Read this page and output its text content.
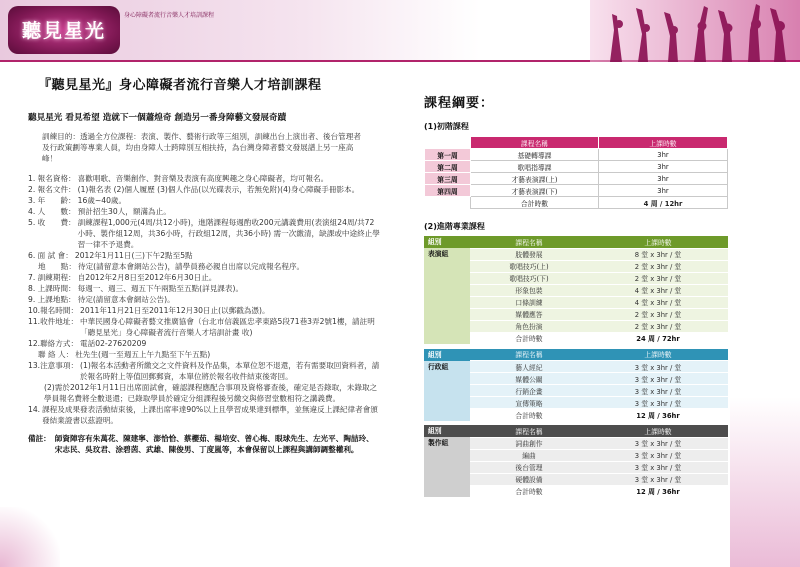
聽見星光
身心障礙者流行音樂人才培訓課程
『聽見星光』身心障礙者流行音樂人才培訓課程
聽見星光 看見希望 造就下一個蕭煌奇 創造另一番身障藝文發展奇蹟
訓練目的：透過全方位課程：表演、製作、藝術行政等三組別，訓練出台上演出者、後台管理者及行政策劃等專業人員，均由身障人士跨障別互相扶持，為台灣身障者藝文發展譜上另一座高峰！
1. 報名資格： 喜歡唱歌、音樂創作、對音樂及表演有高度興趣之身心障礙者，均可報名。
2. 報名文件： (1)報名表 (2)個人履歷 (3)個人作品(以光碟表示，若無免附)(4)身心障礙手冊影本。
3. 年　　齡： 16歲~40歲。
4. 人　　數： 預計招生30人，額滿為止。
5. 收　　費： 訓練課程1,000元(4周/共12小時)，進階課程每週酌收200元講義費用(表演組24周/共72小時、製作組12周，共36小時，行政組12周，共36小時) 需一次繳清，缺課或中途終止學習一律不予退費。
6. 面 試 會： 2012年1月11日(三)下午2點至5點
　 地　　點： 待定(請留意本會網站公告)，請學員務必親自出席以完成報名程序。
7. 訓練期程： 自2012年2月8日至2012年6月30日止。
8. 上課時間： 每週一、週三、週五下午兩點至五點(詳見課表)。
9. 上課地點： 待定(請留意本會網站公告)。
10.報名時間： 2011年11月21日至2011年12月30日止(以郵戳為憑)。
11.收件地址： 中華民國身心障礙者藝文推廣協會（台北市信義區忠孝東路5段71巷3弄2號1樓，請註明「聽見星光」身心障礙者流行音樂人才培訓計畫 收)
12.聯絡方式： 電話02-27620209
　 聯 絡 人： 杜先生(週一至週五上午九點至下午五點)
13.注意事項： (1)報名本活動者所繳交之文件資料及作品集，本單位恕不退還，若有需要取回資料者，請於報名時附上等值回郵郵資，本單位將於報名收件結束後寄回。
(2)需於2012年1月11日出席面試會，確認課程應配合事項及資格審查後，確定是否錄取，未錄取之學員報名費將全數退還；已錄取學員於確定分組課程後另繳交與修習堂數相符之講義費。
14. 課程及成果發表活動結束後，上課出席率達90%以上且學習成果達到標準，並無違反上課紀律者會頒發結業證書以茲證明。
備註： 師資陣容有朱萬花、陳建寧、澎恰恰、蔡櫻茹、楊培安、曾心梅、眼球先生、左光平、陶喆玲、宋志民、吳玟君、涂碧茵、武雄、陳俊男、丁度嵐等，本會保留以上課程與講師調整權利。
課程綱要：
(1)初階課程
	課程名稱	上課時數
第一周	基礎轉導課	3hr
第二周	歌唱指導課	3hr
第三周	才藝表演課(上)	3hr
第四周	才藝表演課(下)	3hr
	合計時數	4 周 / 12hr
(2)進階專業課程
組別	課程名稱	上課時數
表演組	肢體發展	8 堂 x 3hr / 堂
	歌唱技巧(上)	2 堂 x 3hr / 堂
	歌唱技巧(下)	2 堂 x 3hr / 堂
	形象包裝	4 堂 x 3hr / 堂
	口條訓練	4 堂 x 3hr / 堂
	媒體應答	2 堂 x 3hr / 堂
	角色扮演	2 堂 x 3hr / 堂
	合計時數	24 周 / 72hr
組別	課程名稱	上課時數
行政組	藝人經紀	3 堂 x 3hr / 堂
	媒體公關	3 堂 x 3hr / 堂
	行銷企畫	3 堂 x 3hr / 堂
	宣傳策略	3 堂 x 3hr / 堂
	合計時數	12 周 / 36hr
組別	課程名稱	上課時數
製作組	詞曲創作	3 堂 x 3hr / 堂
	編曲	3 堂 x 3hr / 堂
	後台管理	3 堂 x 3hr / 堂
	硬體設備	3 堂 x 3hr / 堂
	合計時數	12 周 / 36hr
